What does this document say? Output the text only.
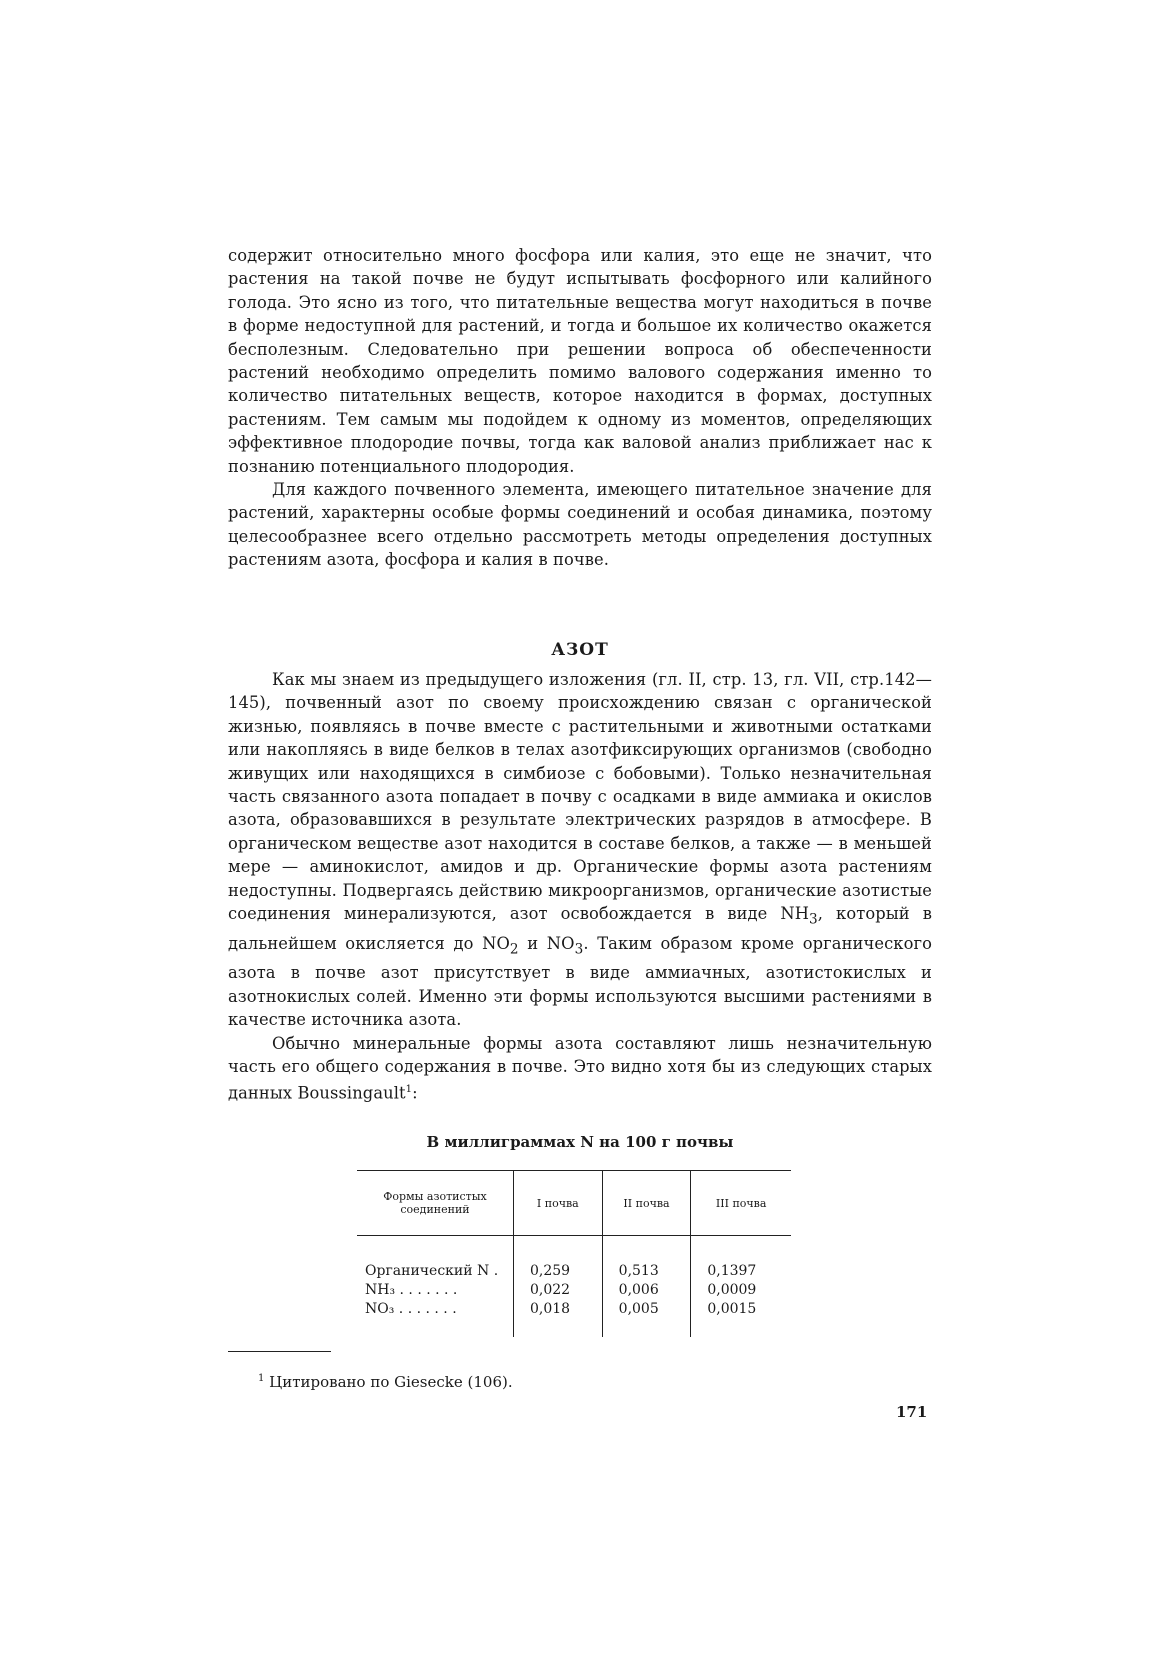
содержит относительно много фосфора или калия, это еще не значит, что растения на такой почве не будут испытывать фосфорного или калийного голода. Это ясно из того, что питательные вещества могут находиться в почве в форме недоступной для растений, и тогда и большое их количество окажется бесполезным. Следовательно при решении вопроса об обеспеченности растений необходимо определить помимо валового содержания именно то количество питательных веществ, которое находится в формах, доступных растениям. Тем самым мы подойдем к одному из моментов, определяющих эффективное плодородие почвы, тогда как валовой анализ приближает нас к познанию потенциального плодородия.

Для каждого почвенного элемента, имеющего питательное значение для растений, характерны особые формы соединений и особая динамика, поэтому целесообразнее всего отдельно рассмотреть методы определения доступных растениям азота, фосфора и калия в почве.

АЗОТ

Как мы знаем из предыдущего изложения (гл. II, стр. 13, гл. VII, стр.142—145), почвенный азот по своему происхождению связан с органической жизнью, появляясь в почве вместе с растительными и животными остатками или накопляясь в виде белков в телах азотфиксирующих организмов (свободно живущих или находящихся в симбиозе с бобовыми). Только незначительная часть связанного азота попадает в почву с осадками в виде аммиака и окислов азота, образовавшихся в результате электрических разрядов в атмосфере. В органическом веществе азот находится в составе белков, а также — в меньшей мере — аминокислот, амидов и др. Органические формы азота растениям недоступны. Подвергаясь действию микроорганизмов, органические азотистые соединения минерализуются, азот освобождается в виде $NH_3$, который в дальнейшем окисляется до $NO_2$ и $NO_3$. Таким образом кроме органического азота в почве азот присутствует в виде аммиачных, азотистокислых и азотнокислых солей. Именно эти формы используются высшими растениями в качестве источника азота.

Обычно минеральные формы азота составляют лишь незначительную часть его общего содержания в почве. Это видно хотя бы из следующих старых данных Boussingault$^1$:

В миллиграммах N на 100 г почвы
Формы азотистых соединений	I почва	II почва	III почва

Органический N .	0,259	0,513	0,1397
NH₃ . . . . . . .	0,022	0,006	0,0009
NO₃ . . . . . . .	0,018	0,005	0,0015
$^1$ Цитировано по Giesecke (106).
171
